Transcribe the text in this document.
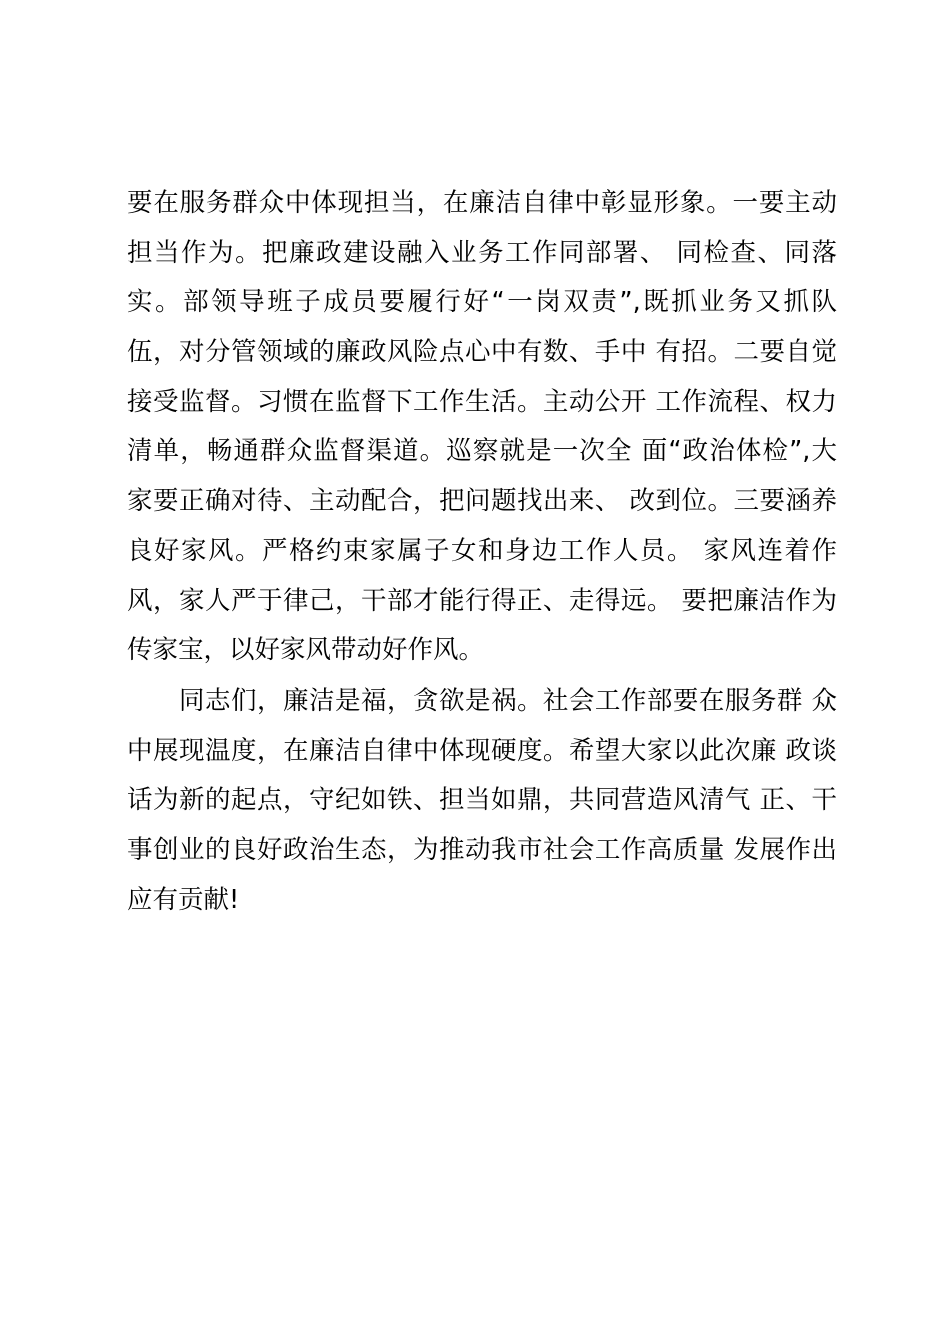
要在服务群众中体现担当，在廉洁自律中彰显形象。一要主动
担当作为。把廉政建设融入业务工作同部署、 同检查、同落
实。部领导班子成员要履行好“一岗双责”,既抓业务又抓队
伍，对分管领域的廉政风险点心中有数、手中 有招。二要自觉
接受监督。习惯在监督下工作生活。主动公开 工作流程、权力
清单，畅通群众监督渠道。巡察就是一次全 面“政治体检”,大
家要正确对待、主动配合，把问题找出来、 改到位。三要涵养
良好家风。严格约束家属子女和身边工作人员。 家风连着作
风，家人严于律己，干部才能行得正、走得远。 要把廉洁作为
传家宝，以好家风带动好作风。
　　同志们，廉洁是福，贪欲是祸。社会工作部要在服务群 众
中展现温度，在廉洁自律中体现硬度。希望大家以此次廉 政谈
话为新的起点，守纪如铁、担当如鼎，共同营造风清气 正、干
事创业的良好政治生态，为推动我市社会工作高质量 发展作出
应有贡献!
